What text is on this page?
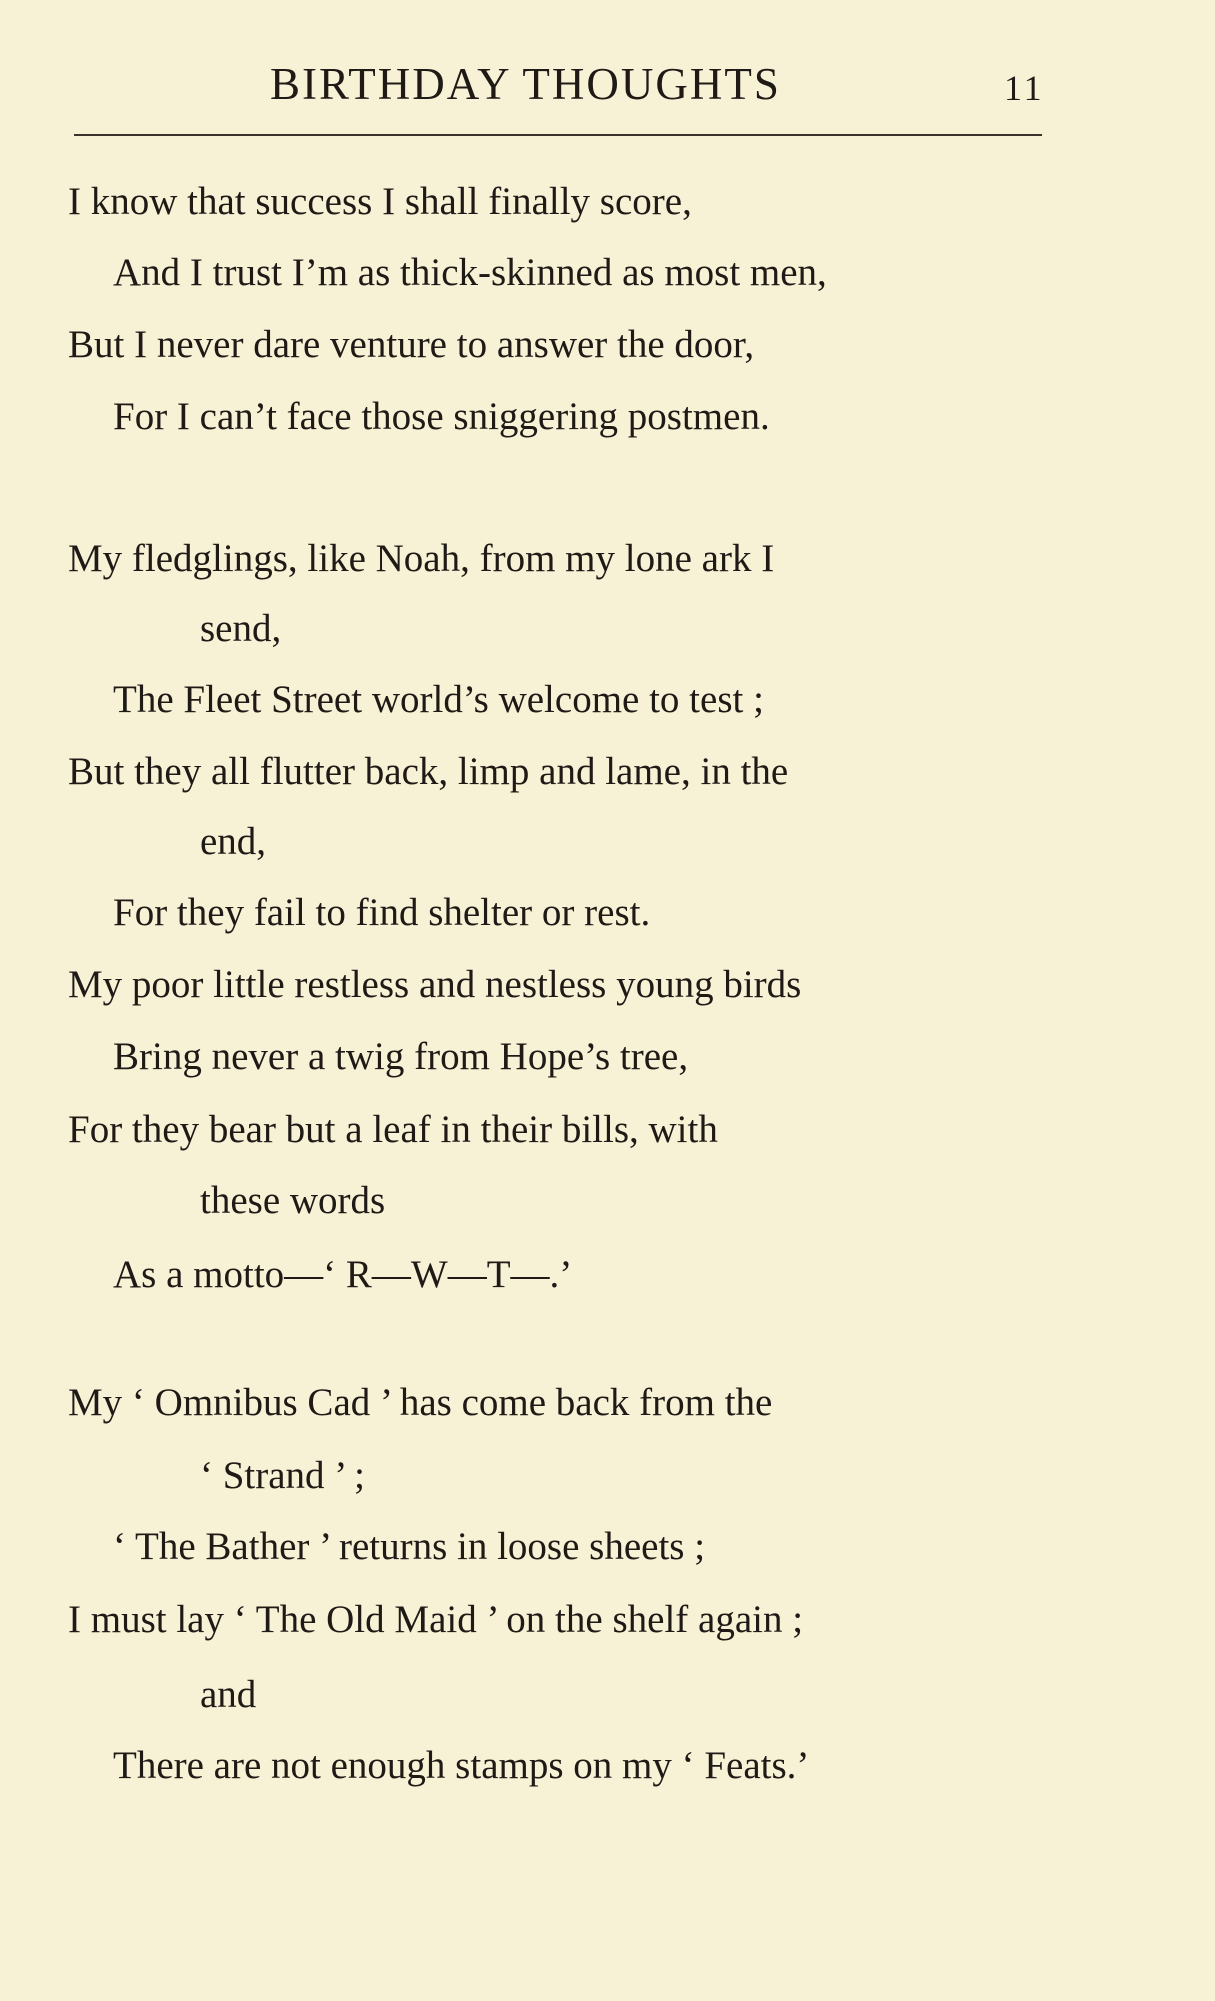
BIRTHDAY THOUGHTS	11
I know that success I shall finally score,
And I trust I’m as thick-skinned as most men,
But I never dare venture to answer the door,
For I can’t face those sniggering postmen.
My fledglings, like Noah, from my lone ark I
send,
The Fleet Street world’s welcome to test ;
But they all flutter back, limp and lame, in the
end,
For they fail to find shelter or rest.
My poor little restless and nestless young birds
Bring never a twig from Hope’s tree,
For they bear but a leaf in their bills, with
these words
As a motto—‘ R—W—T—.’
My ‘ Omnibus Cad ’ has come back from the
‘ Strand ’ ;
‘ The Bather ’ returns in loose sheets ;
I must lay ‘ The Old Maid ’ on the shelf again ;
and
There are not enough stamps on my ‘ Feats.’
